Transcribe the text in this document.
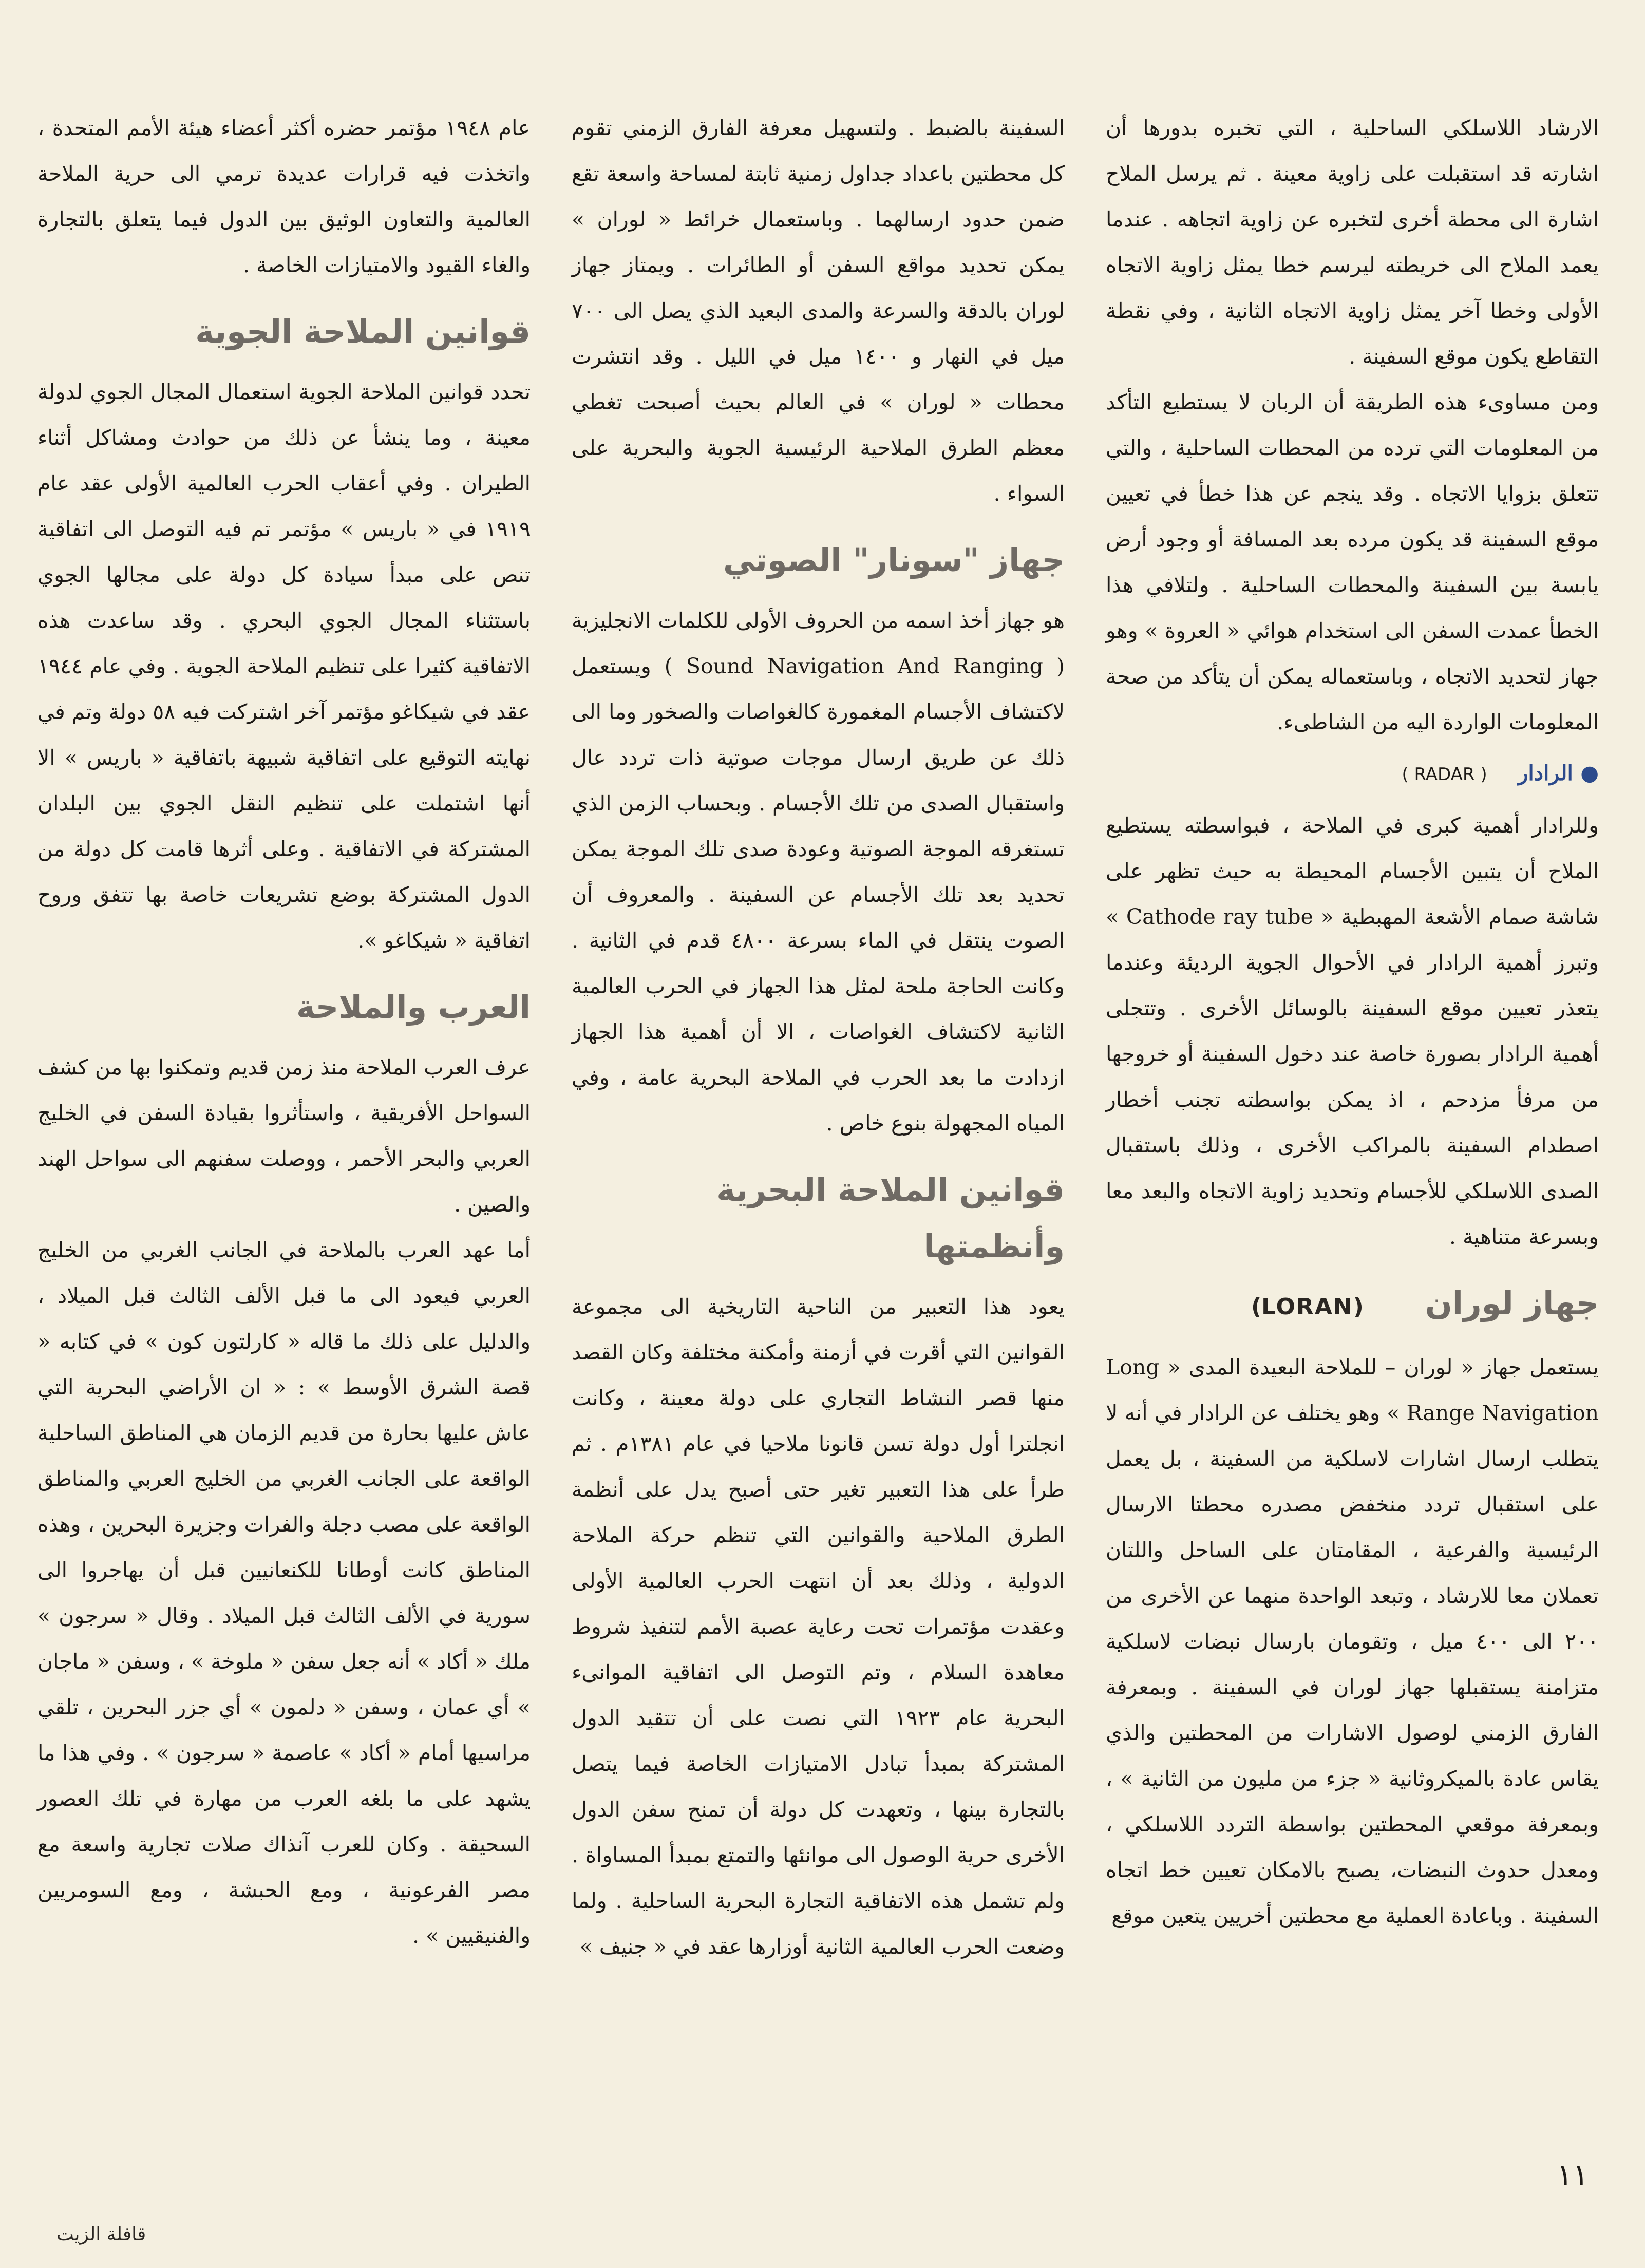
الارشاد اللاسلكي الساحلية ، التي تخبره بدورها أن اشارته قد استقبلت على زاوية معينة . ثم يرسل الملاح اشارة الى محطة أخرى لتخبره عن زاوية اتجاهه . عندما يعمد الملاح الى خريطته ليرسم خطا يمثل زاوية الاتجاه الأولى وخطا آخر يمثل زاوية الاتجاه الثانية ، وفي نقطة التقاطع يكون موقع السفينة .

ومن مساوىء هذه الطريقة أن الربان لا يستطيع التأكد من المعلومات التي ترده من المحطات الساحلية ، والتي تتعلق بزوايا الاتجاه . وقد ينجم عن هذا خطأ في تعيين موقع السفينة قد يكون مرده بعد المسافة أو وجود أرض يابسة بين السفينة والمحطات الساحلية . ولتلافي هذا الخطأ عمدت السفن الى استخدام هوائي « العروة » وهو جهاز لتحديد الاتجاه ، وباستعماله يمكن أن يتأكد من صحة المعلومات الواردة اليه من الشاطىء.

● الرادار( RADAR )

وللرادار أهمية كبرى في الملاحة ، فبواسطته يستطيع الملاح أن يتبين الأجسام المحيطة به حيث تظهر على شاشة صمام الأشعة المهبطية « Cathode ray tube » وتبرز أهمية الرادار في الأحوال الجوية الرديئة وعندما يتعذر تعيين موقع السفينة بالوسائل الأخرى . وتتجلى أهمية الرادار بصورة خاصة عند دخول السفينة أو خروجها من مرفأ مزدحم ، اذ يمكن بواسطته تجنب أخطار اصطدام السفينة بالمراكب الأخرى ، وذلك باستقبال الصدى اللاسلكي للأجسام وتحديد زاوية الاتجاه والبعد معا وبسرعة متناهية .

جهاز لوران(LORAN)

يستعمل جهاز « لوران – للملاحة البعيدة المدى « Long Range Navigation » وهو يختلف عن الرادار في أنه لا يتطلب ارسال اشارات لاسلكية من السفينة ، بل يعمل على استقبال تردد منخفض مصدره محطتا الارسال الرئيسية والفرعية ، المقامتان على الساحل واللتان تعملان معا للارشاد ، وتبعد الواحدة منهما عن الأخرى من ٢٠٠ الى ٤٠٠ ميل ، وتقومان بارسال نبضات لاسلكية متزامنة يستقبلها جهاز لوران في السفينة . وبمعرفة الفارق الزمني لوصول الاشارات من المحطتين والذي يقاس عادة بالميكروثانية « جزء من مليون من الثانية » ، وبمعرفة موقعي المحطتين بواسطة التردد اللاسلكي ، ومعدل حدوث النبضات، يصبح بالامكان تعيين خط اتجاه السفينة . وباعادة العملية مع محطتين أخريين يتعين موقع

السفينة بالضبط . ولتسهيل معرفة الفارق الزمني تقوم كل محطتين باعداد جداول زمنية ثابتة لمساحة واسعة تقع ضمن حدود ارسالهما . وباستعمال خرائط « لوران » يمكن تحديد مواقع السفن أو الطائرات . ويمتاز جهاز لوران بالدقة والسرعة والمدى البعيد الذي يصل الى ٧٠٠ ميل في النهار و ١٤٠٠ ميل في الليل . وقد انتشرت محطات « لوران » في العالم بحيث أصبحت تغطي معظم الطرق الملاحية الرئيسية الجوية والبحرية على السواء .

جهاز "سونار" الصوتي

هو جهاز أخذ اسمه من الحروف الأولى للكلمات الانجليزية ( Sound Navigation And Ranging ) ويستعمل لاكتشاف الأجسام المغمورة كالغواصات والصخور وما الى ذلك عن طريق ارسال موجات صوتية ذات تردد عال واستقبال الصدى من تلك الأجسام . وبحساب الزمن الذي تستغرقه الموجة الصوتية وعودة صدى تلك الموجة يمكن تحديد بعد تلك الأجسام عن السفينة . والمعروف أن الصوت ينتقل في الماء بسرعة ٤٨٠٠ قدم في الثانية . وكانت الحاجة ملحة لمثل هذا الجهاز في الحرب العالمية الثانية لاكتشاف الغواصات ، الا أن أهمية هذا الجهاز ازدادت ما بعد الحرب في الملاحة البحرية عامة ، وفي المياه المجهولة بنوع خاص .

قوانين الملاحة البحرية وأنظمتها

يعود هذا التعبير من الناحية التاريخية الى مجموعة القوانين التي أقرت في أزمنة وأمكنة مختلفة وكان القصد منها قصر النشاط التجاري على دولة معينة ، وكانت انجلترا أول دولة تسن قانونا ملاحيا في عام ١٣٨١م . ثم طرأ على هذا التعبير تغير حتى أصبح يدل على أنظمة الطرق الملاحية والقوانين التي تنظم حركة الملاحة الدولية ، وذلك بعد أن انتهت الحرب العالمية الأولى وعقدت مؤتمرات تحت رعاية عصبة الأمم لتنفيذ شروط معاهدة السلام ، وتم التوصل الى اتفاقية الموانىء البحرية عام ١٩٢٣ التي نصت على أن تتقيد الدول المشتركة بمبدأ تبادل الامتيازات الخاصة فيما يتصل بالتجارة بينها ، وتعهدت كل دولة أن تمنح سفن الدول الأخرى حرية الوصول الى موانئها والتمتع بمبدأ المساواة . ولم تشمل هذه الاتفاقية التجارة البحرية الساحلية . ولما وضعت الحرب العالمية الثانية أوزارها عقد في « جنيف »

عام ١٩٤٨ مؤتمر حضره أكثر أعضاء هيئة الأمم المتحدة ، واتخذت فيه قرارات عديدة ترمي الى حرية الملاحة العالمية والتعاون الوثيق بين الدول فيما يتعلق بالتجارة والغاء القيود والامتيازات الخاصة .

قوانين الملاحة الجوية

تحدد قوانين الملاحة الجوية استعمال المجال الجوي لدولة معينة ، وما ينشأ عن ذلك من حوادث ومشاكل أثناء الطيران . وفي أعقاب الحرب العالمية الأولى عقد عام ١٩١٩ في « باريس » مؤتمر تم فيه التوصل الى اتفاقية تنص على مبدأ سيادة كل دولة على مجالها الجوي باستثناء المجال الجوي البحري . وقد ساعدت هذه الاتفاقية كثيرا على تنظيم الملاحة الجوية . وفي عام ١٩٤٤ عقد في شيكاغو مؤتمر آخر اشتركت فيه ٥٨ دولة وتم في نهايته التوقيع على اتفاقية شبيهة باتفاقية « باريس » الا أنها اشتملت على تنظيم النقل الجوي بين البلدان المشتركة في الاتفاقية . وعلى أثرها قامت كل دولة من الدول المشتركة بوضع تشريعات خاصة بها تتفق وروح اتفاقية « شيكاغو ».

العرب والملاحة

عرف العرب الملاحة منذ زمن قديم وتمكنوا بها من كشف السواحل الأفريقية ، واستأثروا بقيادة السفن في الخليج العربي والبحر الأحمر ، ووصلت سفنهم الى سواحل الهند والصين .

أما عهد العرب بالملاحة في الجانب الغربي من الخليج العربي فيعود الى ما قبل الألف الثالث قبل الميلاد ، والدليل على ذلك ما قاله « كارلتون كون » في كتابه « قصة الشرق الأوسط » : « ان الأراضي البحرية التي عاش عليها بحارة من قديم الزمان هي المناطق الساحلية الواقعة على الجانب الغربي من الخليج العربي والمناطق الواقعة على مصب دجلة والفرات وجزيرة البحرين ، وهذه المناطق كانت أوطانا للكنعانيين قبل أن يهاجروا الى سورية في الألف الثالث قبل الميلاد . وقال « سرجون » ملك « أكاد » أنه جعل سفن « ملوخة » ، وسفن « ماجان » أي عمان ، وسفن « دلمون » أي جزر البحرين ، تلقي مراسيها أمام « أكاد » عاصمة « سرجون » . وفي هذا ما يشهد على ما بلغه العرب من مهارة في تلك العصور السحيقة . وكان للعرب آنذاك صلات تجارية واسعة مع مصر الفرعونية ، ومع الحبشة ، ومع السومريين والفنيقيين » .

١١
قافلة الزيت
